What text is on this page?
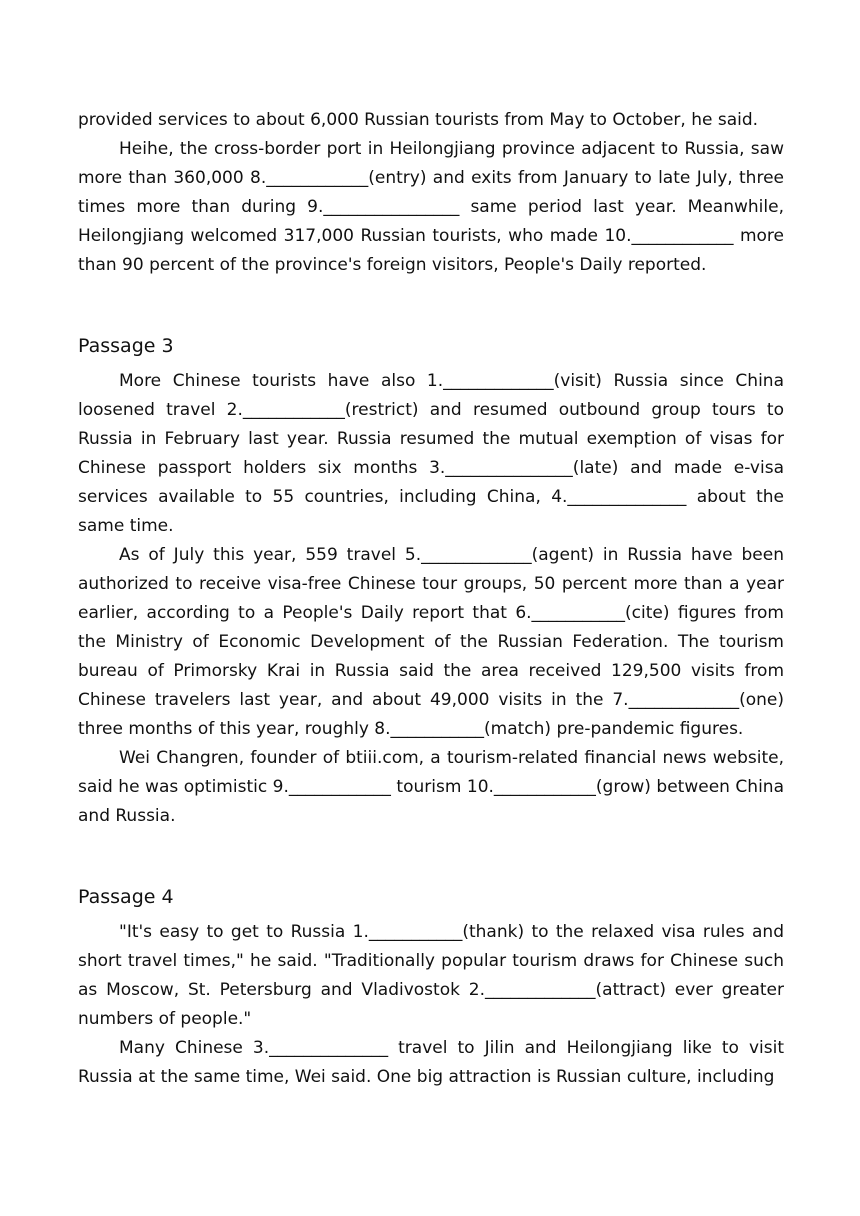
provided services to about 6,000 Russian tourists from May to October, he said.

Heihe, the cross-border port in Heilongjiang province adjacent to Russia, saw more than 360,000 8.____________(entry) and exits from January to late July, three times more than during 9.________________ same period last year. Meanwhile, Heilongjiang welcomed 317,000 Russian tourists, who made 10.____________ more than 90 percent of the province's foreign visitors, People's Daily reported.

Passage 3

More Chinese tourists have also 1._____________(visit) Russia since China loosened travel 2.____________(restrict) and resumed outbound group tours to Russia in February last year. Russia resumed the mutual exemption of visas for Chinese passport holders six months 3._______________(late) and made e-visa services available to 55 countries, including China, 4.______________ about the same time.

As of July this year, 559 travel 5._____________(agent) in Russia have been authorized to receive visa-free Chinese tour groups, 50 percent more than a year earlier, according to a People's Daily report that 6.___________(cite) figures from the Ministry of Economic Development of the Russian Federation. The tourism bureau of Primorsky Krai in Russia said the area received 129,500 visits from Chinese travelers last year, and about 49,000 visits in the 7._____________(one) three months of this year, roughly 8.___________(match) pre-pandemic figures.

Wei Changren, founder of btiii.com, a tourism-related financial news website, said he was optimistic 9.____________ tourism 10.____________(grow) between China and Russia.

Passage 4

"It's easy to get to Russia 1.___________(thank) to the relaxed visa rules and short travel times," he said. "Traditionally popular tourism draws for Chinese such as Moscow, St. Petersburg and Vladivostok 2._____________(attract) ever greater numbers of people."

Many Chinese 3.______________ travel to Jilin and Heilongjiang like to visit Russia at the same time, Wei said. One big attraction is Russian culture, including
